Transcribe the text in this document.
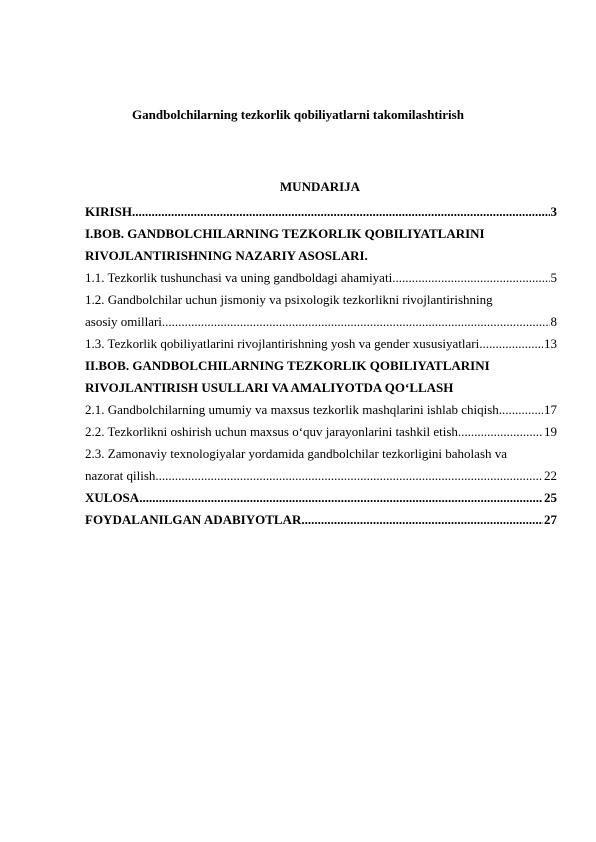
Gandbolchilarning tezkorlik qobiliyatlarni takomilashtirish
MUNDARIJA
KIRISH .....	3
I.BOB. GANDBOLCHILARNING TEZKORLIK QOBILIYATLARINI
RIVOJLANTIRISHNING NAZARIY ASOSLARI.
1.1. Tezkorlik tushunchasi va uning gandboldagi ahamiyati .....	5
1.2. Gandbolchilar uchun jismoniy va psixologik tezkorlikni rivojlantirishning
asosiy omillari .....	8
1.3. Tezkorlik qobiliyatlarini rivojlantirishning yosh va gender xususiyatlari .....	13
II.BOB. GANDBOLCHILARNING TEZKORLIK QOBILIYATLARINI
RIVOJLANTIRISH USULLARI VA AMALIYOTDA QO‘LLASH
2.1. Gandbolchilarning umumiy va maxsus tezkorlik mashqlarini ishlab chiqish .....	17
2.2. Tezkorlikni oshirish uchun maxsus o‘quv jarayonlarini tashkil etish .....	19
2.3. Zamonaviy texnologiyalar yordamida gandbolchilar tezkorligini baholash va
nazorat qilish .....	22
XULOSA .....	25
FOYDALANILGAN ADABIYOTLAR .....	27
